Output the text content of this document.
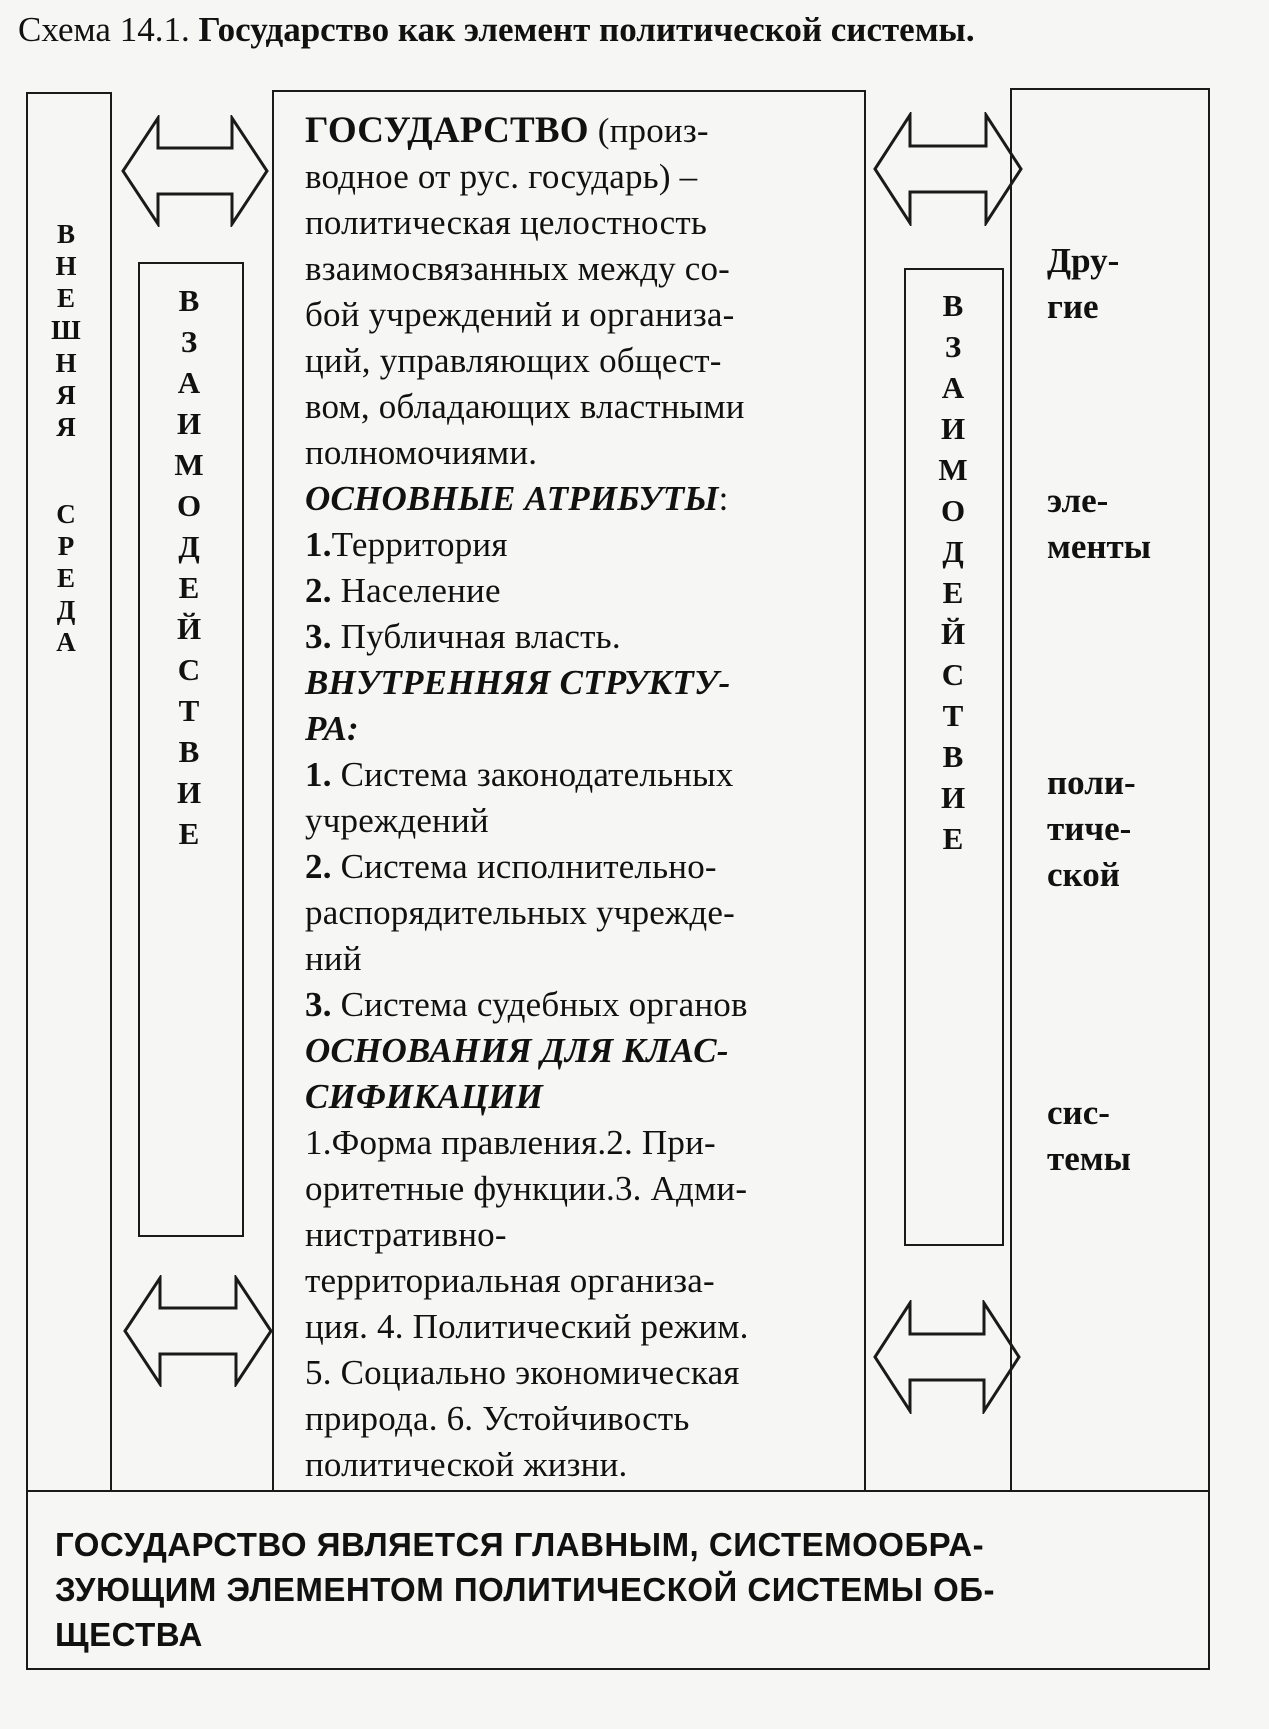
Схема 14.1. Государство как элемент политической системы.
В
Н
Е
Ш
Н
Я
Я
С
Р
Е
Д
А
В
З
А
И
М
О
Д
Е
Й
С
Т
В
И
Е
В
З
А
И
М
О
Д
Е
Й
С
Т
В
И
Е

ГОСУДАРСТВО (произ-

водное от рус. государь) –

политическая целостность

взаимосвязанных между со-

бой учреждений и организа-

ций, управляющих общест-

вом, обладающих властными

полномочиями.

ОСНОВНЫЕ АТРИБУТЫ:

1.Территория

2. Население

3. Публичная власть.

ВНУТРЕННЯЯ СТРУКТУ-

РА:

1. Система законодательных

учреждений

2. Система исполнительно-

распорядительных учрежде-

ний

3. Система судебных органов

ОСНОВАНИЯ ДЛЯ КЛАС-

СИФИКАЦИИ

1.Форма правления.2. При-

оритетные функции.3. Адми-

нистративно-

территориальная организа-

ция. 4. Политический режим.

5. Социально экономическая

природа. 6. Устойчивость

политической жизни.

Дру-
гие
эле-
менты
поли-
тиче-
ской
сис-
темы
ГОСУДАРСТВО ЯВЛЯЕТСЯ ГЛАВНЫМ, СИСТЕМООБРА-
ЗУЮЩИМ ЭЛЕМЕНТОМ ПОЛИТИЧЕСКОЙ СИСТЕМЫ ОБ-
ЩЕСТВА
